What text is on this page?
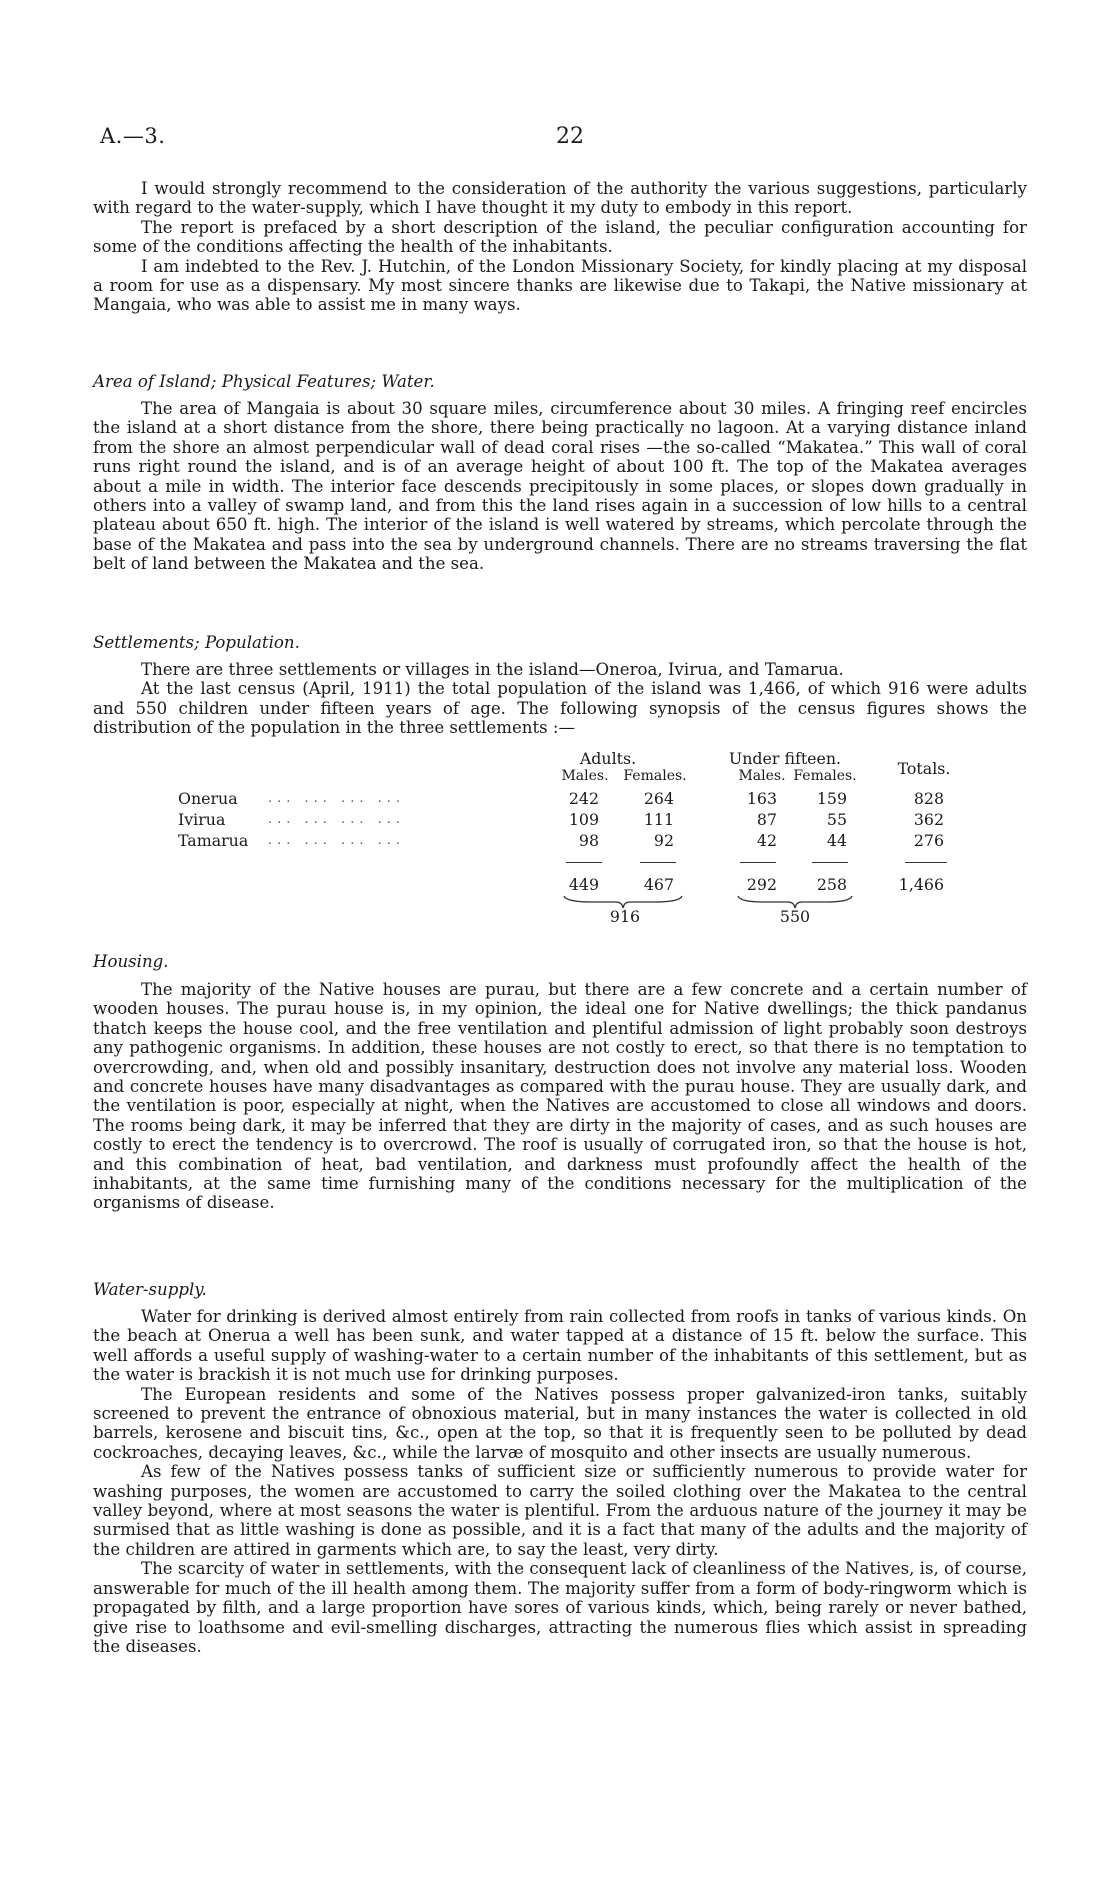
A.—3.	22

I would strongly recommend to the consideration of the authority the various suggestions, particularly with regard to the water-supply, which I have thought it my duty to embody in this report.

The report is prefaced by a short description of the island, the peculiar configuration accounting for some of the conditions affecting the health of the inhabitants.

I am indebted to the Rev. J. Hutchin, of the London Missionary Society, for kindly placing at my disposal a room for use as a dispensary. My most sincere thanks are likewise due to Takapi, the Native missionary at Mangaia, who was able to assist me in many ways.

Area of Island; Physical Features; Water.

The area of Mangaia is about 30 square miles, circumference about 30 miles. A fringing reef encircles the island at a short distance from the shore, there being practically no lagoon. At a varying distance inland from the shore an almost perpendicular wall of dead coral rises —the so-called “Makatea.” This wall of coral runs right round the island, and is of an average height of about 100 ft. The top of the Makatea averages about a mile in width. The interior face descends precipitously in some places, or slopes down gradually in others into a valley of swamp land, and from this the land rises again in a succession of low hills to a central plateau about 650 ft. high. The interior of the island is well watered by streams, which percolate through the base of the Makatea and pass into the sea by underground channels. There are no streams traversing the flat belt of land between the Makatea and the sea.

Settlements; Population.

There are three settlements or villages in the island—Oneroa, Ivirua, and Tamarua.

At the last census (April, 1911) the total population of the island was 1,466, of which 916 were adults and 550 children under fifteen years of age. The following synopsis of the census figures shows the distribution of the population in the three settlements :—

Adults.	Under fifteen.
Males.	Females.	Males. Females.	Totals.
Onerua ... ... ... ...	242	264	163	159	828
Ivirua	... ... ... ...	109	111	87	55	362
Tamarua ... ... ... ...	98	92	42	44	276
449	467	292	258	1,466
916	550

Housing.

The majority of the Native houses are purau, but there are a few concrete and a certain number of wooden houses. The purau house is, in my opinion, the ideal one for Native dwellings; the thick pandanus thatch keeps the house cool, and the free ventilation and plentiful admission of light probably soon destroys any pathogenic organisms. In addition, these houses are not costly to erect, so that there is no temptation to overcrowding, and, when old and possibly insanitary, destruction does not involve any material loss. Wooden and concrete houses have many disadvantages as compared with the purau house. They are usually dark, and the ventilation is poor, especially at night, when the Natives are accustomed to close all windows and doors. The rooms being dark, it may be inferred that they are dirty in the majority of cases, and as such houses are costly to erect the tendency is to overcrowd. The roof is usually of corrugated iron, so that the house is hot, and this combination of heat, bad ventilation, and darkness must profoundly affect the health of the inhabitants, at the same time furnishing many of the conditions necessary for the multiplication of the organisms of disease.

Water-supply.

Water for drinking is derived almost entirely from rain collected from roofs in tanks of various kinds. On the beach at Onerua a well has been sunk, and water tapped at a distance of 15 ft. below the surface. This well affords a useful supply of washing-water to a certain number of the inhabitants of this settlement, but as the water is brackish it is not much use for drinking purposes.

The European residents and some of the Natives possess proper galvanized-iron tanks, suitably screened to prevent the entrance of obnoxious material, but in many instances the water is collected in old barrels, kerosene and biscuit tins, &c., open at the top, so that it is frequently seen to be polluted by dead cockroaches, decaying leaves, &c., while the larvæ of mosquito and other insects are usually numerous.

As few of the Natives possess tanks of sufficient size or sufficiently numerous to provide water for washing purposes, the women are accustomed to carry the soiled clothing over the Makatea to the central valley beyond, where at most seasons the water is plentiful. From the arduous nature of the journey it may be surmised that as little washing is done as possible, and it is a fact that many of the adults and the majority of the children are attired in garments which are, to say the least, very dirty.

The scarcity of water in settlements, with the consequent lack of cleanliness of the Natives, is, of course, answerable for much of the ill health among them. The majority suffer from a form of body-ringworm which is propagated by filth, and a large proportion have sores of various kinds, which, being rarely or never bathed, give rise to loathsome and evil-smelling discharges, attracting the numerous flies which assist in spreading the diseases.
